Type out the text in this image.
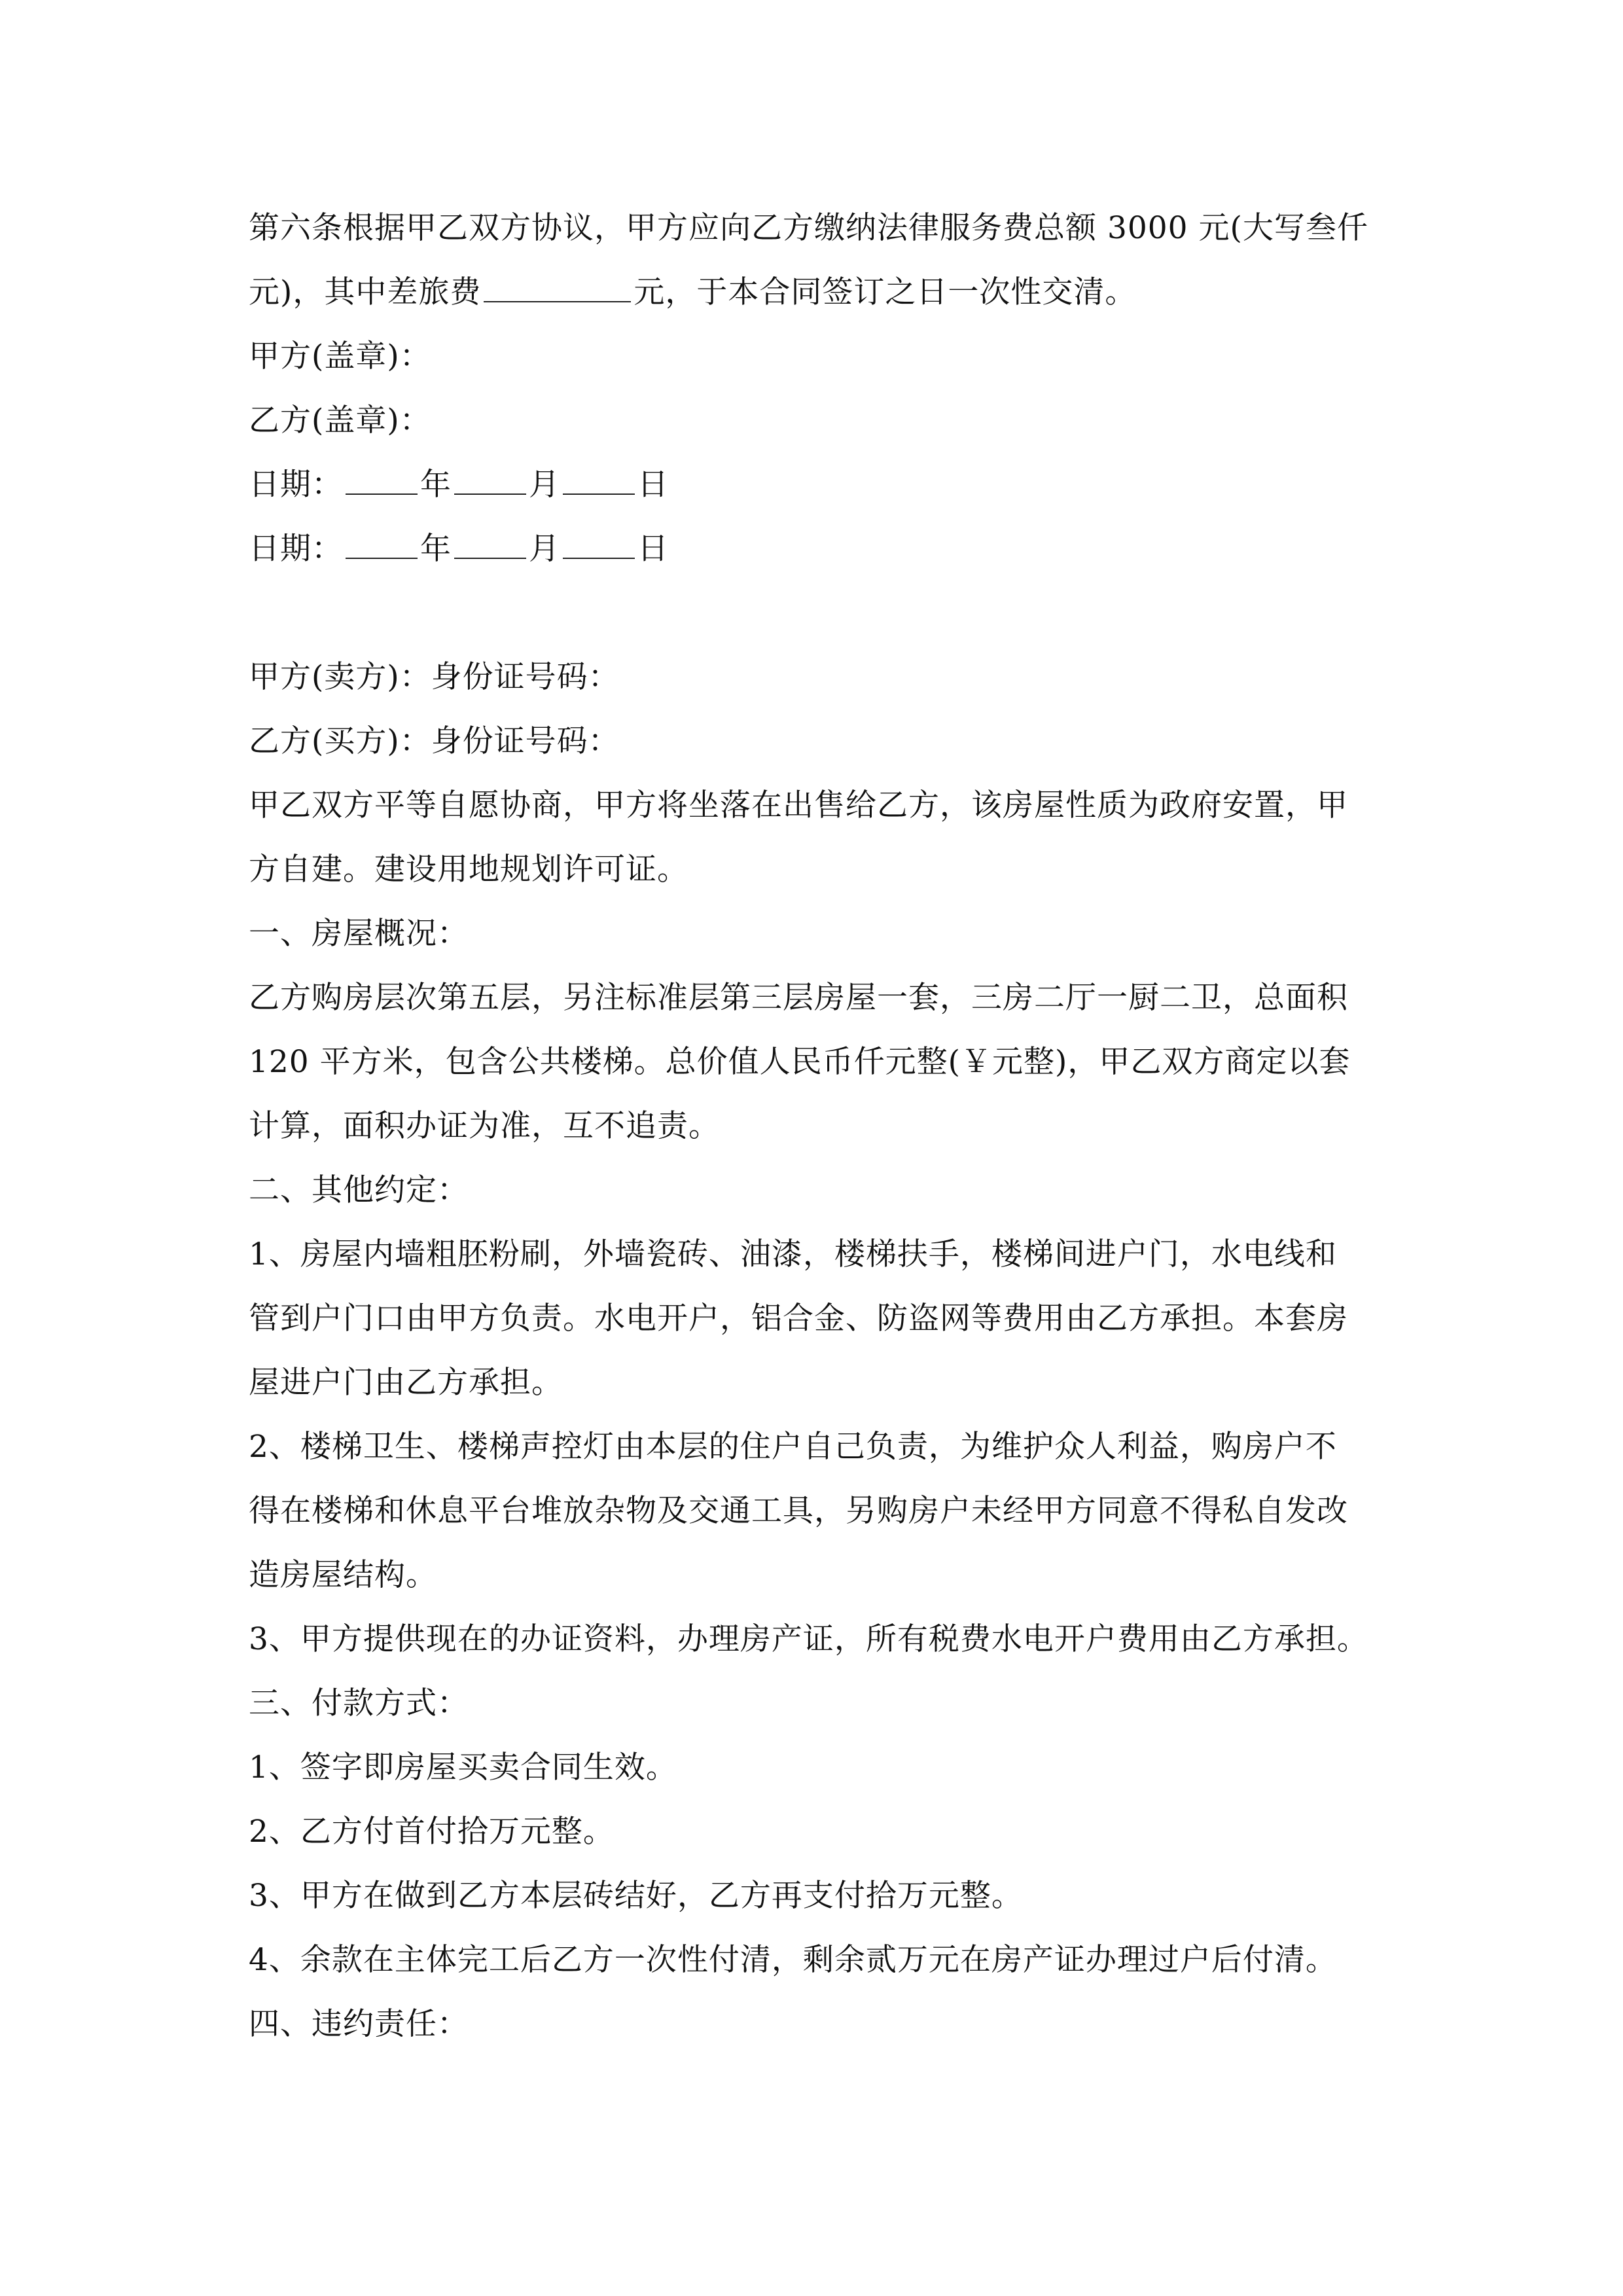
第六条根据甲乙双方协议，甲方应向乙方缴纳法律服务费总额 3000 元(大写叁仟
元)，其中差旅费	元，于本合同签订之日一次性交清。
甲方(盖章)：
乙方(盖章)：
日期：	年	月	日
日期：	年	月	日
甲方(卖方)：身份证号码：
乙方(买方)：身份证号码：
甲乙双方平等自愿协商，甲方将坐落在出售给乙方，该房屋性质为政府安置，甲
方自建。建设用地规划许可证。
一、房屋概况：
乙方购房层次第五层，另注标准层第三层房屋一套，三房二厅一厨二卫，总面积
120 平方米，包含公共楼梯。总价值人民币仟元整(￥元整)，甲乙双方商定以套
计算，面积办证为准，互不追责。
二、其他约定：
1、房屋内墙粗胚粉刷，外墙瓷砖、油漆，楼梯扶手，楼梯间进户门，水电线和
管到户门口由甲方负责。水电开户，铝合金、防盗网等费用由乙方承担。本套房
屋进户门由乙方承担。
2、楼梯卫生、楼梯声控灯由本层的住户自己负责，为维护众人利益，购房户不
得在楼梯和休息平台堆放杂物及交通工具，另购房户未经甲方同意不得私自发改
造房屋结构。
3、甲方提供现在的办证资料，办理房产证，所有税费水电开户费用由乙方承担。
三、付款方式：
1、签字即房屋买卖合同生效。
2、乙方付首付拾万元整。
3、甲方在做到乙方本层砖结好，乙方再支付拾万元整。
4、余款在主体完工后乙方一次性付清，剩余贰万元在房产证办理过户后付清。
四、违约责任：
